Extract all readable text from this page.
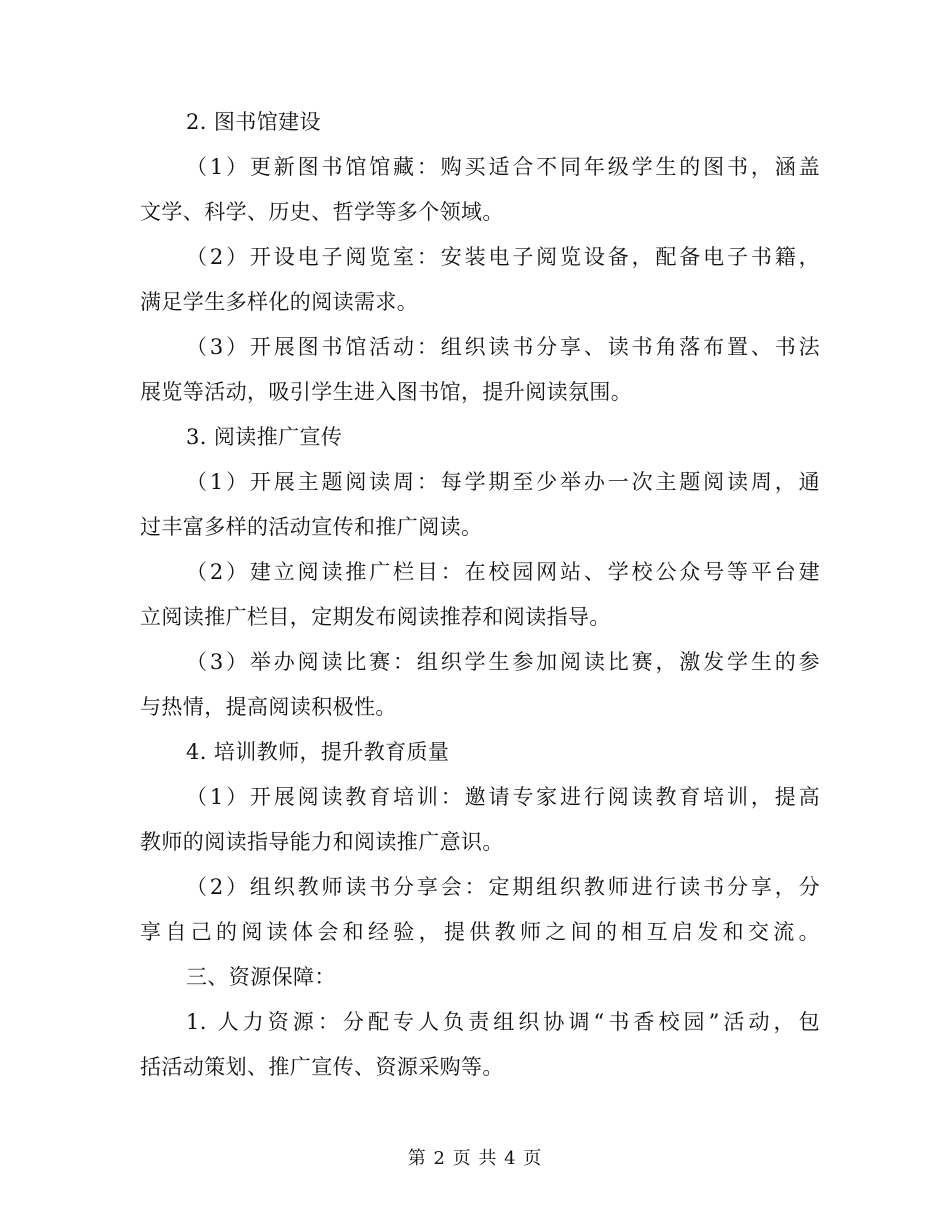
2. 图书馆建设
（1）更新图书馆馆藏：购买适合不同年级学生的图书，涵盖
文学、科学、历史、哲学等多个领域。
（2）开设电子阅览室：安装电子阅览设备，配备电子书籍，
满足学生多样化的阅读需求。
（3）开展图书馆活动：组织读书分享、读书角落布置、书法
展览等活动，吸引学生进入图书馆，提升阅读氛围。
3. 阅读推广宣传
（1）开展主题阅读周：每学期至少举办一次主题阅读周，通
过丰富多样的活动宣传和推广阅读。
（2）建立阅读推广栏目：在校园网站、学校公众号等平台建
立阅读推广栏目，定期发布阅读推荐和阅读指导。
（3）举办阅读比赛：组织学生参加阅读比赛，激发学生的参
与热情，提高阅读积极性。
4. 培训教师，提升教育质量
（1）开展阅读教育培训：邀请专家进行阅读教育培训，提高
教师的阅读指导能力和阅读推广意识。
（2）组织教师读书分享会：定期组织教师进行读书分享，分
享自己的阅读体会和经验，提供教师之间的相互启发和交流。
三、资源保障：
1. 人力资源：分配专人负责组织协调“书香校园”活动，包
括活动策划、推广宣传、资源采购等。
第 2 页 共 4 页
